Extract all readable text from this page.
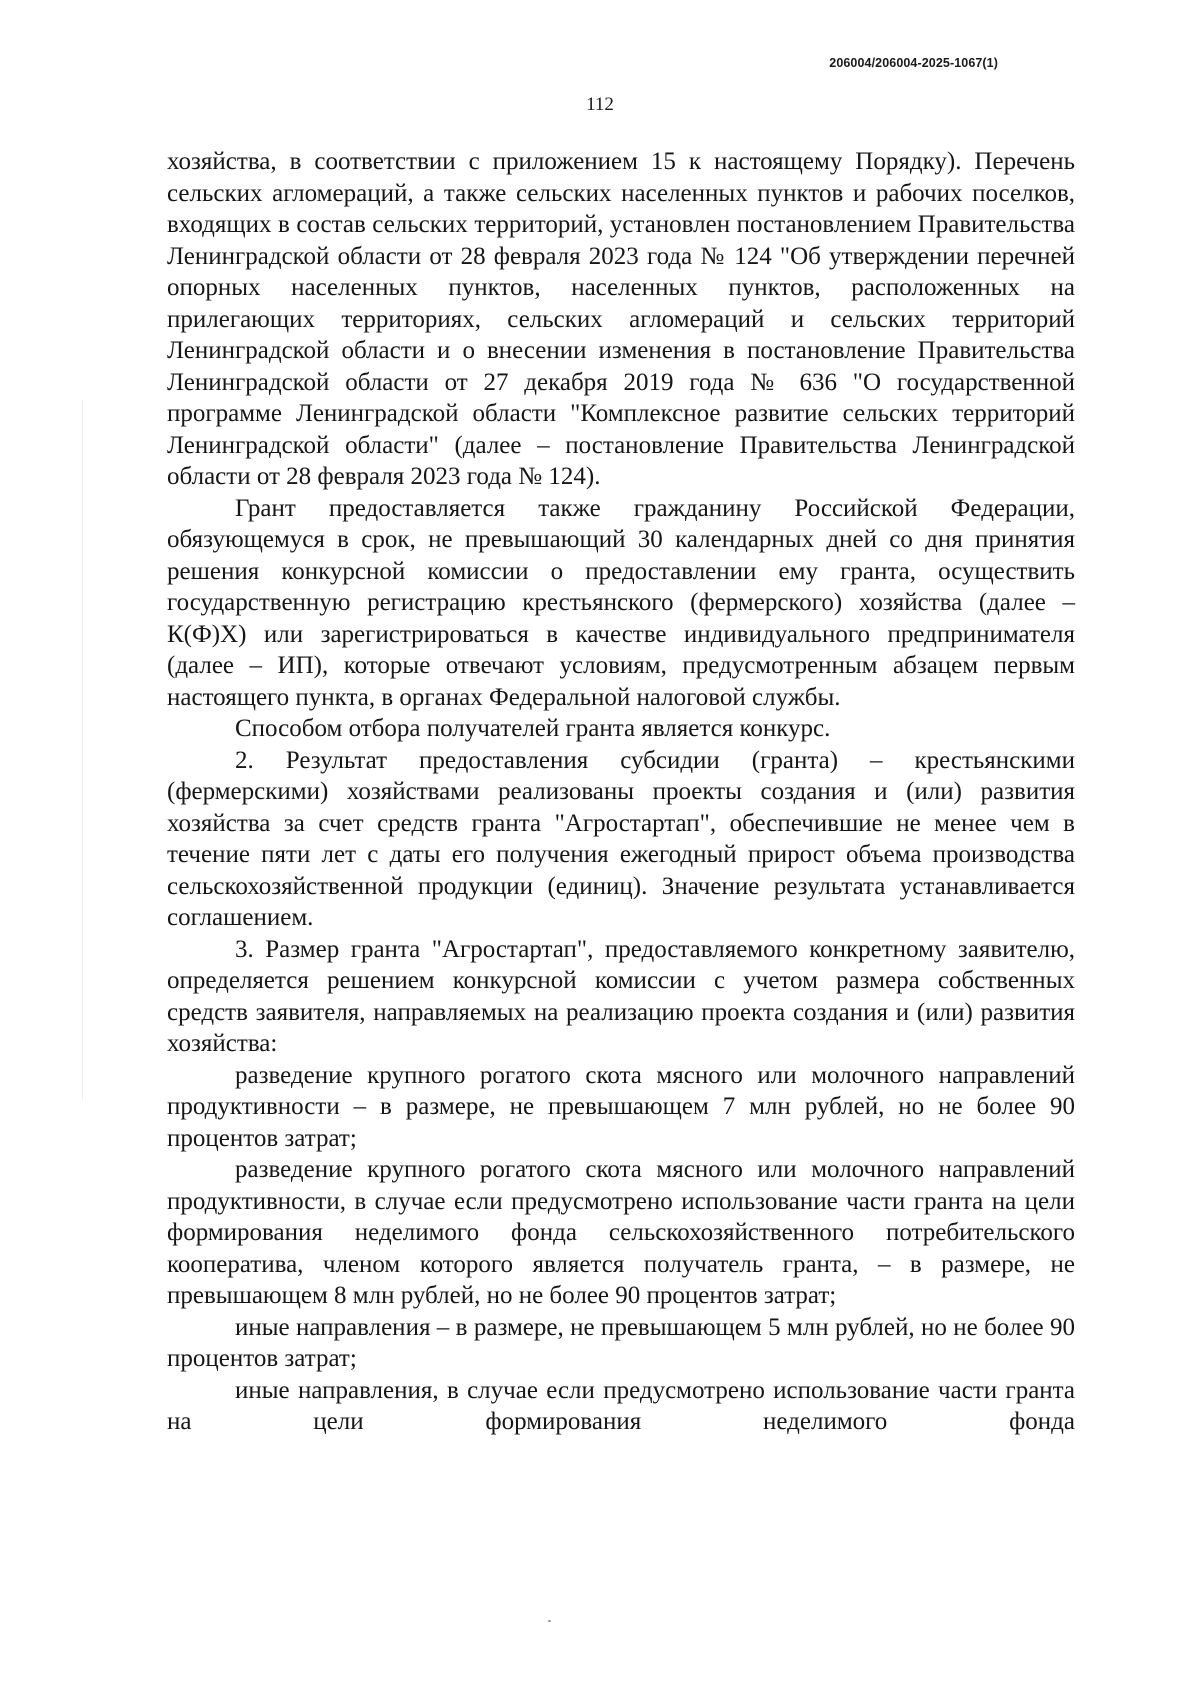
206004/206004-2025-1067(1)
112

хозяйства, в соответствии с приложением 15 к настоящему Порядку). Перечень сельских агломераций, а также сельских населенных пунктов и рабочих поселков, входящих в состав сельских территорий, установлен постановлением Правительства Ленинградской области от 28 февраля 2023 года № 124 "Об утверждении перечней опорных населенных пунктов, населенных пунктов, расположенных на прилегающих территориях, сельских агломераций и сельских территорий Ленинградской области и о внесении изменения в постановление Правительства Ленинградской области от 27 декабря 2019 года № 636 "О государственной программе Ленинградской области "Комплексное развитие сельских территорий Ленинградской области" (далее – постановление Правительства Ленинградской области от 28 февраля 2023 года № 124).

Грант предоставляется также гражданину Российской Федерации, обязующемуся в срок, не превышающий 30 календарных дней со дня принятия решения конкурсной комиссии о предоставлении ему гранта, осуществить государственную регистрацию крестьянского (фермерского) хозяйства (далее – К(Ф)Х) или зарегистрироваться в качестве индивидуального предпринимателя (далее – ИП), которые отвечают условиям, предусмотренным абзацем первым настоящего пункта, в органах Федеральной налоговой службы.

Способом отбора получателей гранта является конкурс.

2. Результат предоставления субсидии (гранта) – крестьянскими (фермерскими) хозяйствами реализованы проекты создания и (или) развития хозяйства за счет средств гранта "Агростартап", обеспечившие не менее чем в течение пяти лет с даты его получения ежегодный прирост объема производства сельскохозяйственной продукции (единиц). Значение результата устанавливается соглашением.

3. Размер гранта "Агростартап", предоставляемого конкретному заявителю, определяется решением конкурсной комиссии с учетом размера собственных средств заявителя, направляемых на реализацию проекта создания и (или) развития хозяйства:

разведение крупного рогатого скота мясного или молочного направлений продуктивности – в размере, не превышающем 7 млн рублей, но не более 90 процентов затрат;

разведение крупного рогатого скота мясного или молочного направлений продуктивности, в случае если предусмотрено использование части гранта на цели формирования неделимого фонда сельскохозяйственного потребительского кооператива, членом которого является получатель гранта, – в размере, не превышающем 8 млн рублей, но не более 90 процентов затрат;

иные направления – в размере, не превышающем 5 млн рублей, но не более 90 процентов затрат;

иные направления, в случае если предусмотрено использование части гранта на цели формирования неделимого фонда
